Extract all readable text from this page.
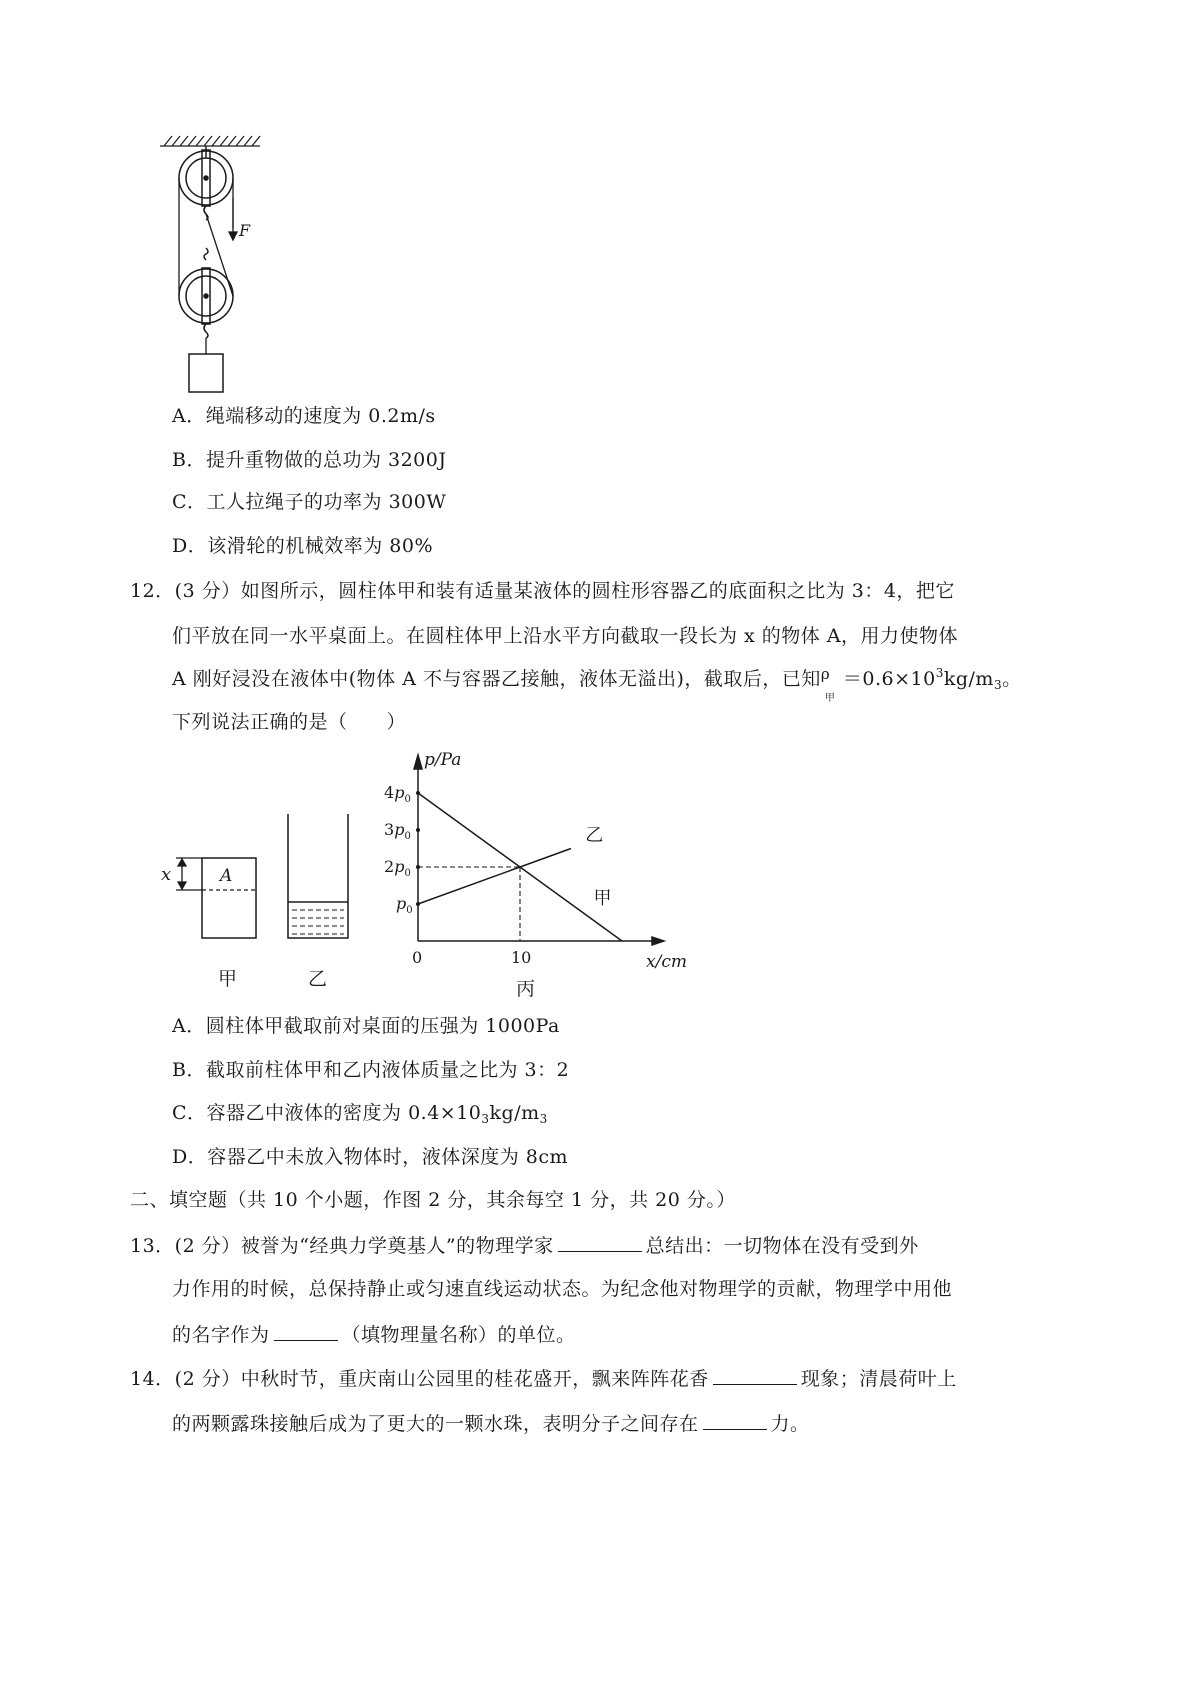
F
A．绳端移动的速度为 0.2m/s
B．提升重物做的总功为 3200J
C．工人拉绳子的功率为 300W
D．该滑轮的机械效率为 80%
12．(3 分）如图所示，圆柱体甲和装有适量某液体的圆柱形容器乙的底面积之比为 3：4，把它
们平放在同一水平桌面上。在圆柱体甲上沿水平方向截取一段长为 x 的物体 A，用力使物体
A 刚好浸没在液体中(物体 A 不与容器乙接触，液体无溢出)，截取后，已知$^\rho$
甲
$=0.6\times 10^3kg/m_3$。
下列说法正确的是（　　）
x	A
甲	乙
p/Pa
x/cm
甲
乙
$p_0$
$2p_0$
$3p_0$
$4p_0$
0	10
丙
A．圆柱体甲截取前对桌面的压强为 1000Pa
B．截取前柱体甲和乙内液体质量之比为 3：2
C．容器乙中液体的密度为 $0.4\times 10_3kg/m_3$
D．容器乙中未放入物体时，液体深度为 8cm
二、填空题（共 10 个小题，作图 2 分，其余每空 1 分，共 20 分。）
13．(2 分）被誉为“经典力学奠基人”的物理学家	总结出：一切物体在没有受到外
力作用的时候，总保持静止或匀速直线运动状态。为纪念他对物理学的贡献，物理学中用他
的名字作为	（填物理量名称）的单位。
14．(2 分）中秋时节，重庆南山公园里的桂花盛开，飘来阵阵花香	现象；清晨荷叶上
的两颗露珠接触后成为了更大的一颗水珠，表明分子之间存在	力。
